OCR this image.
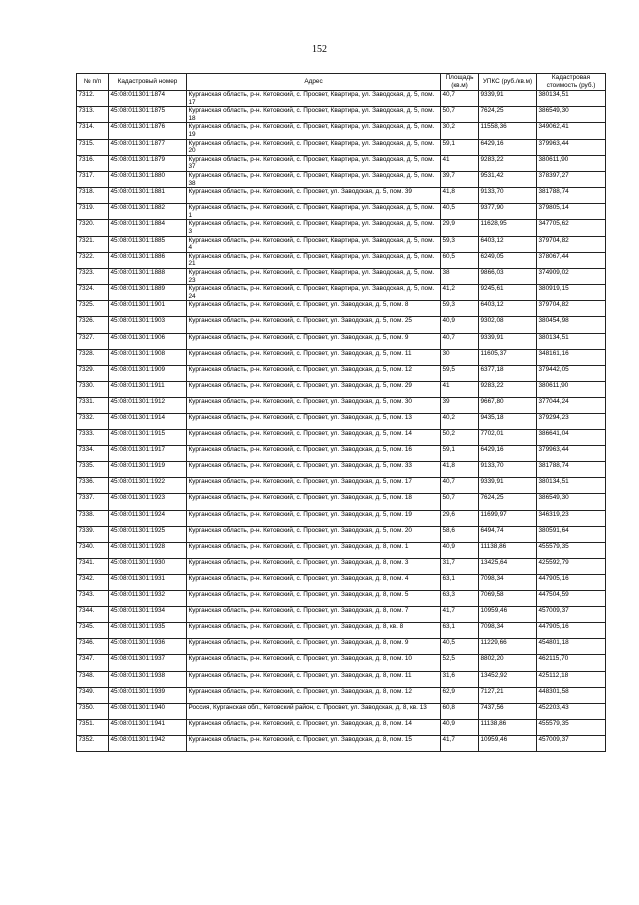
152
№ п/п	Кадастровый номер	Адрес	Площадь (кв.м)	УПКС (руб./кв.м)	Кадастровая стоимость (руб.)
7312.	45:08:011301:1874	Курганская область, р-н. Кетовский, с. Просвет, Квартира, ул. Заводская, д. 5, пом. 17	40,7	9339,91	380134,51
7313.	45:08:011301:1875	Курганская область, р-н. Кетовский, с. Просвет, Квартира, ул. Заводская, д. 5, пом. 18	50,7	7624,25	386549,30
7314.	45:08:011301:1876	Курганская область, р-н. Кетовский, с. Просвет, Квартира, ул. Заводская, д. 5, пом. 19	30,2	11558,36	349062,41
7315.	45:08:011301:1877	Курганская область, р-н. Кетовский, с. Просвет, Квартира, ул. Заводская, д. 5, пом. 20	59,1	6429,16	379963,44
7316.	45:08:011301:1879	Курганская область, р-н. Кетовский, с. Просвет, Квартира, ул. Заводская, д. 5, пом. 37	41	9283,22	380611,90
7317.	45:08:011301:1880	Курганская область, р-н. Кетовский, с. Просвет, Квартира, ул. Заводская, д. 5, пом. 38	39,7	9531,42	378397,27
7318.	45:08:011301:1881	Курганская область, р-н. Кетовский, с. Просвет, ул. Заводская, д. 5, пом. 39	41,8	9133,70	381788,74
7319.	45:08:011301:1882	Курганская область, р-н. Кетовский, с. Просвет, Квартира, ул. Заводская, д. 5, пом. 1	40,5	9377,90	379805,14
7320.	45:08:011301:1884	Курганская область, р-н. Кетовский, с. Просвет, Квартира, ул. Заводская, д. 5, пом. 3	29,9	11628,95	347705,62
7321.	45:08:011301:1885	Курганская область, р-н. Кетовский, с. Просвет, Квартира, ул. Заводская, д. 5, пом. 4	59,3	6403,12	379704,82
7322.	45:08:011301:1886	Курганская область, р-н. Кетовский, с. Просвет, Квартира, ул. Заводская, д. 5, пом. 21	60,5	6249,05	378067,44
7323.	45:08:011301:1888	Курганская область, р-н. Кетовский, с. Просвет, Квартира, ул. Заводская, д. 5, пом. 23	38	9866,03	374909,02
7324.	45:08:011301:1889	Курганская область, р-н. Кетовский, с. Просвет, Квартира, ул. Заводская, д. 5, пом. 24	41,2	9245,61	380919,15
7325.	45:08:011301:1901	Курганская область, р-н. Кетовский, с. Просвет, ул. Заводская, д. 5, пом. 8	59,3	6403,12	379704,82
7326.	45:08:011301:1903	Курганская область, р-н. Кетовский, с. Просвет, ул. Заводская, д. 5, пом. 25	40,9	9302,08	380454,98
7327.	45:08:011301:1906	Курганская область, р-н. Кетовский, с. Просвет, ул. Заводская, д. 5, пом. 9	40,7	9339,91	380134,51
7328.	45:08:011301:1908	Курганская область, р-н. Кетовский, с. Просвет, ул. Заводская, д. 5, пом. 11	30	11605,37	348161,16
7329.	45:08:011301:1909	Курганская область, р-н. Кетовский, с. Просвет, ул. Заводская, д. 5, пом. 12	59,5	6377,18	379442,05
7330.	45:08:011301:1911	Курганская область, р-н. Кетовский, с. Просвет, ул. Заводская, д. 5, пом. 29	41	9283,22	380611,90
7331.	45:08:011301:1912	Курганская область, р-н. Кетовский, с. Просвет, ул. Заводская, д. 5, пом. 30	39	9667,80	377044,24
7332.	45:08:011301:1914	Курганская область, р-н. Кетовский, с. Просвет, ул. Заводская, д. 5, пом. 13	40,2	9435,18	379294,23
7333.	45:08:011301:1915	Курганская область, р-н. Кетовский, с. Просвет, ул. Заводская, д. 5, пом. 14	50,2	7702,01	386641,04
7334.	45:08:011301:1917	Курганская область, р-н. Кетовский, с. Просвет, ул. Заводская, д. 5, пом. 16	59,1	6429,16	379963,44
7335.	45:08:011301:1919	Курганская область, р-н. Кетовский, с. Просвет, ул. Заводская, д. 5, пом. 33	41,8	9133,70	381788,74
7336.	45:08:011301:1922	Курганская область, р-н. Кетовский, с. Просвет, ул. Заводская, д. 5, пом. 17	40,7	9339,91	380134,51
7337.	45:08:011301:1923	Курганская область, р-н. Кетовский, с. Просвет, ул. Заводская, д. 5, пом. 18	50,7	7624,25	386549,30
7338.	45:08:011301:1924	Курганская область, р-н. Кетовский, с. Просвет, ул. Заводская, д. 5, пом. 19	29,6	11699,97	346319,23
7339.	45:08:011301:1925	Курганская область, р-н. Кетовский, с. Просвет, ул. Заводская, д. 5, пом. 20	58,6	6494,74	380591,64
7340.	45:08:011301:1928	Курганская область, р-н. Кетовский, с. Просвет, ул. Заводская, д. 8, пом. 1	40,9	11138,86	455579,35
7341.	45:08:011301:1930	Курганская область, р-н. Кетовский, с. Просвет, ул. Заводская, д. 8, пом. 3	31,7	13425,64	425592,79
7342.	45:08:011301:1931	Курганская область, р-н. Кетовский, с. Просвет, ул. Заводская, д. 8, пом. 4	63,1	7098,34	447905,16
7343.	45:08:011301:1932	Курганская область, р-н. Кетовский, с. Просвет, ул. Заводская, д. 8, пом. 5	63,3	7069,58	447504,59
7344.	45:08:011301:1934	Курганская область, р-н. Кетовский, с. Просвет, ул. Заводская, д. 8, пом. 7	41,7	10959,46	457009,37
7345.	45:08:011301:1935	Курганская область, р-н. Кетовский, с. Просвет, ул. Заводская, д. 8, кв. 8	63,1	7098,34	447905,16
7346.	45:08:011301:1936	Курганская область, р-н. Кетовский, с. Просвет, ул. Заводская, д. 8, пом. 9	40,5	11229,66	454801,18
7347.	45:08:011301:1937	Курганская область, р-н. Кетовский, с. Просвет, ул. Заводская, д. 8, пом. 10	52,5	8802,20	462115,70
7348.	45:08:011301:1938	Курганская область, р-н. Кетовский, с. Просвет, ул. Заводская, д. 8, пом. 11	31,6	13452,92	425112,18
7349.	45:08:011301:1939	Курганская область, р-н. Кетовский, с. Просвет, ул. Заводская, д. 8, пом. 12	62,9	7127,21	448301,58
7350.	45:08:011301:1940	Россия, Курганская обл., Кетовский район, с. Просвет, ул. Заводская, д. 8, кв. 13	60,8	7437,56	452203,43
7351.	45:08:011301:1941	Курганская область, р-н. Кетовский, с. Просвет, ул. Заводская, д. 8, пом. 14	40,9	11138,86	455579,35
7352.	45:08:011301:1942	Курганская область, р-н. Кетовский, с. Просвет, ул. Заводская, д. 8, пом. 15	41,7	10959,46	457009,37
